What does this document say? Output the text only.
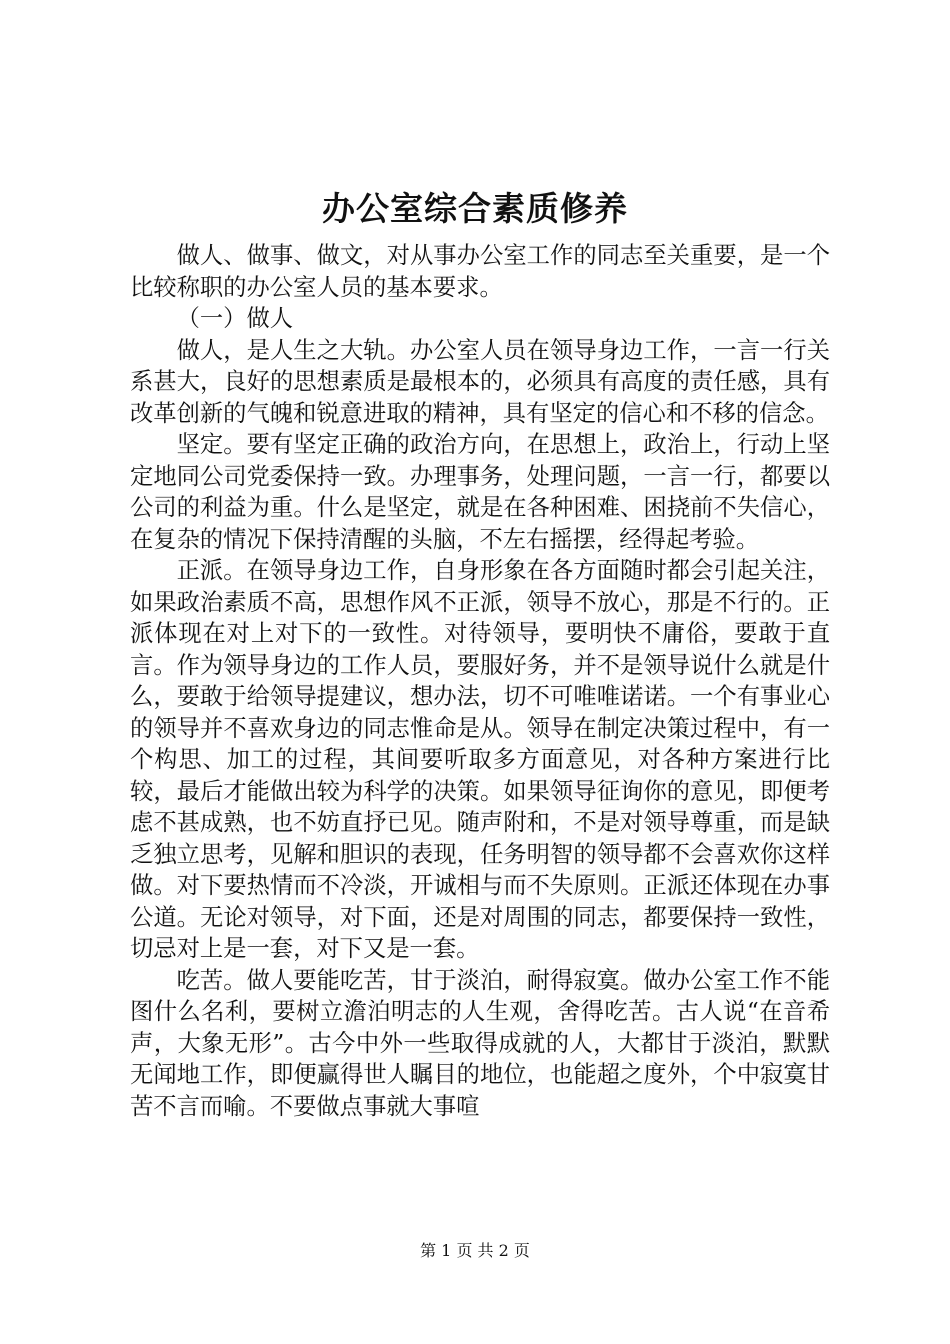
办公室综合素质修养

做人、做事、做文，对从事办公室工作的同志至关重要，是一个比较称职的办公室人员的基本要求。

（一）做人

做人，是人生之大轨。办公室人员在领导身边工作，一言一行关系甚大，良好的思想素质是最根本的，必须具有高度的责任感，具有改革创新的气魄和锐意进取的精神，具有坚定的信心和不移的信念。

坚定。要有坚定正确的政治方向，在思想上，政治上，行动上坚定地同公司党委保持一致。办理事务，处理问题，一言一行，都要以公司的利益为重。什么是坚定，就是在各种困难、困挠前不失信心，在复杂的情况下保持清醒的头脑，不左右摇摆，经得起考验。

正派。在领导身边工作，自身形象在各方面随时都会引起关注，如果政治素质不高，思想作风不正派，领导不放心，那是不行的。正派体现在对上对下的一致性。对待领导，要明快不庸俗，要敢于直言。作为领导身边的工作人员，要服好务，并不是领导说什么就是什么，要敢于给领导提建议，想办法，切不可唯唯诺诺。一个有事业心的领导并不喜欢身边的同志惟命是从。领导在制定决策过程中，有一个构思、加工的过程，其间要听取多方面意见，对各种方案进行比较，最后才能做出较为科学的决策。如果领导征询你的意见，即便考虑不甚成熟，也不妨直抒已见。随声附和，不是对领导尊重，而是缺乏独立思考，见解和胆识的表现，任务明智的领导都不会喜欢你这样做。对下要热情而不冷淡，开诚相与而不失原则。正派还体现在办事公道。无论对领导，对下面，还是对周围的同志，都要保持一致性，切忌对上是一套，对下又是一套。

吃苦。做人要能吃苦，甘于淡泊，耐得寂寞。做办公室工作不能图什么名利，要树立澹泊明志的人生观，舍得吃苦。古人说“在音希声，大象无形”。古今中外一些取得成就的人，大都甘于淡泊，默默无闻地工作，即便赢得世人瞩目的地位，也能超之度外，个中寂寞甘苦不言而喻。不要做点事就大事喧

第 1 页 共 2 页
